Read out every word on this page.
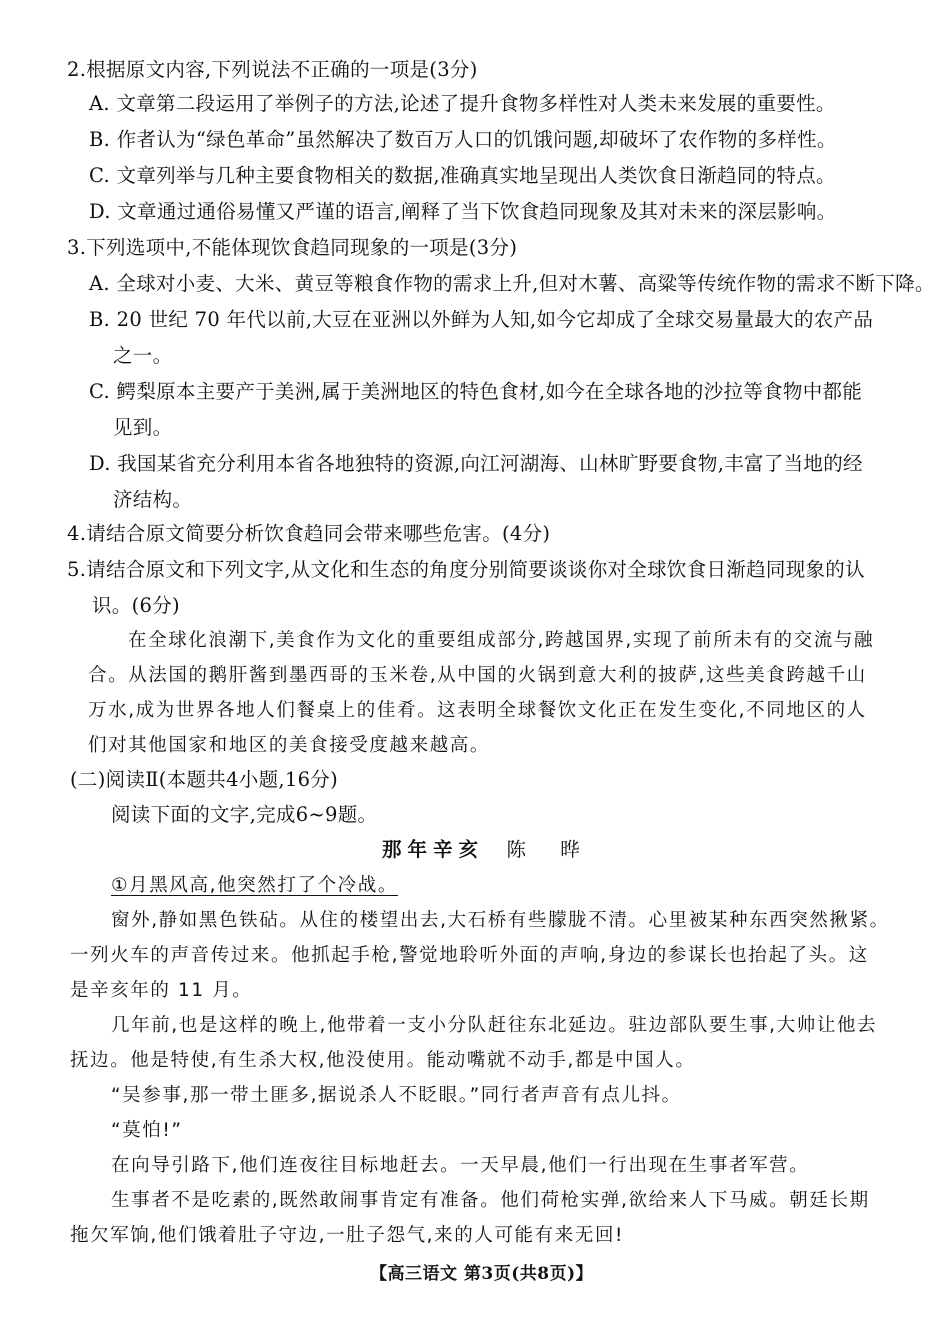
2.根据原文内容,下列说法不正确的一项是(3分)
A. 文章第二段运用了举例子的方法,论述了提升食物多样性对人类未来发展的重要性。
B. 作者认为“绿色革命”虽然解决了数百万人口的饥饿问题,却破坏了农作物的多样性。
C. 文章列举与几种主要食物相关的数据,准确真实地呈现出人类饮食日渐趋同的特点。
D. 文章通过通俗易懂又严谨的语言,阐释了当下饮食趋同现象及其对未来的深层影响。
3.下列选项中,不能体现饮食趋同现象的一项是(3分)
A. 全球对小麦、大米、黄豆等粮食作物的需求上升,但对木薯、高粱等传统作物的需求不断下降。
B. 20 世纪 70 年代以前,大豆在亚洲以外鲜为人知,如今它却成了全球交易量最大的农产品
之一。
C. 鳄梨原本主要产于美洲,属于美洲地区的特色食材,如今在全球各地的沙拉等食物中都能
见到。
D. 我国某省充分利用本省各地独特的资源,向江河湖海、山林旷野要食物,丰富了当地的经
济结构。
4.请结合原文简要分析饮食趋同会带来哪些危害。(4分)
5.请结合原文和下列文字,从文化和生态的角度分别简要谈谈你对全球饮食日渐趋同现象的认
识。(6分)
在全球化浪潮下,美食作为文化的重要组成部分,跨越国界,实现了前所未有的交流与融
合。从法国的鹅肝酱到墨西哥的玉米卷,从中国的火锅到意大利的披萨,这些美食跨越千山
万水,成为世界各地人们餐桌上的佳肴。这表明全球餐饮文化正在发生变化,不同地区的人
们对其他国家和地区的美食接受度越来越高。
(二)阅读Ⅱ(本题共4小题,16分)
阅读下面的文字,完成6~9题。
那年辛亥 陈 晔
①月黑风高,他突然打了个冷战。
窗外,静如黑色铁砧。从住的楼望出去,大石桥有些朦胧不清。心里被某种东西突然揪紧。
一列火车的声音传过来。他抓起手枪,警觉地聆听外面的声响,身边的参谋长也抬起了头。这
是辛亥年的 11 月。
几年前,也是这样的晚上,他带着一支小分队赶往东北延边。驻边部队要生事,大帅让他去
抚边。他是特使,有生杀大权,他没使用。能动嘴就不动手,都是中国人。
“吴参事,那一带土匪多,据说杀人不眨眼。”同行者声音有点儿抖。
“莫怕!”
在向导引路下,他们连夜往目标地赶去。一天早晨,他们一行出现在生事者军营。
生事者不是吃素的,既然敢闹事肯定有准备。他们荷枪实弹,欲给来人下马威。朝廷长期
拖欠军饷,他们饿着肚子守边,一肚子怨气,来的人可能有来无回!
【高三语文 第3页(共8页)】
